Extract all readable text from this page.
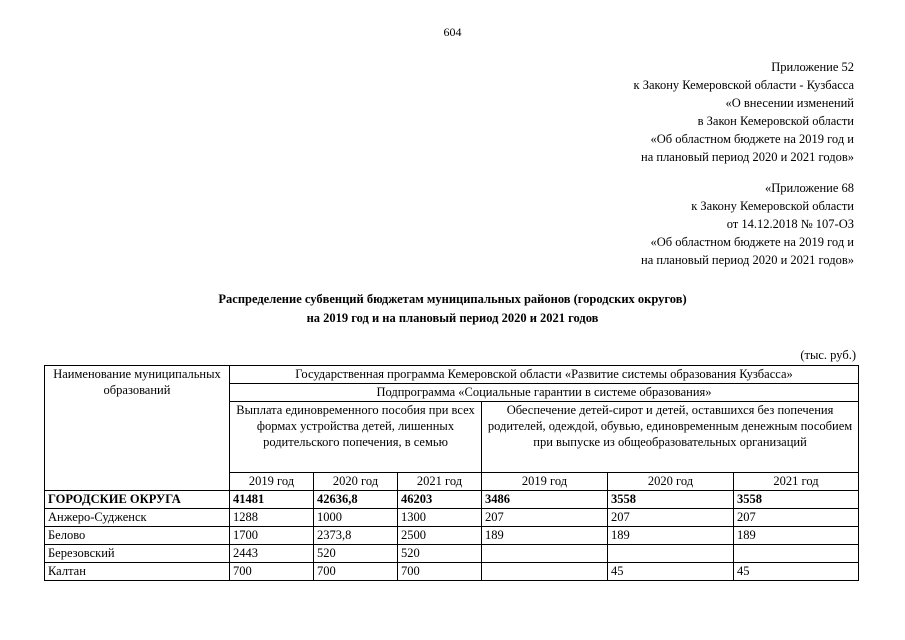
604
Приложение 52
к Закону Кемеровской области - Кузбасса
«О внесении изменений
в Закон Кемеровской области
«Об областном бюджете на 2019 год и
на плановый период 2020 и 2021 годов»
«Приложение 68
к Закону Кемеровской области
от 14.12.2018 № 107-ОЗ
«Об областном бюджете на 2019 год и
на плановый период 2020 и 2021 годов»
Распределение субвенций бюджетам муниципальных районов (городских округов)
на 2019 год и на плановый период 2020 и 2021 годов
(тыс. руб.)
Наименование муниципальных образований	Государственная программа Кемеровской области «Развитие системы образования Кузбасса»					
	Подпрограмма «Социальные гарантии в системе образования»					
	Выплата единовременного пособия при всех формах устройства детей, лишенных родительского попечения, в семью			Обеспечение детей-сирот и детей, оставшихся без попечения родителей, одеждой, обувью, единовременным денежным пособием при выпуске из общеобразовательных организаций		
	2019 год	2020 год	2021 год	2019 год	2020 год	2021 год
ГОРОДСКИЕ ОКРУГА	41481	42636,8	46203	3486	3558	3558
Анжеро-Судженск	1288	1000	1300	207	207	207
Белово	1700	2373,8	2500	189	189	189
Березовский	2443	520	520			
Калтан	700	700	700		45	45
